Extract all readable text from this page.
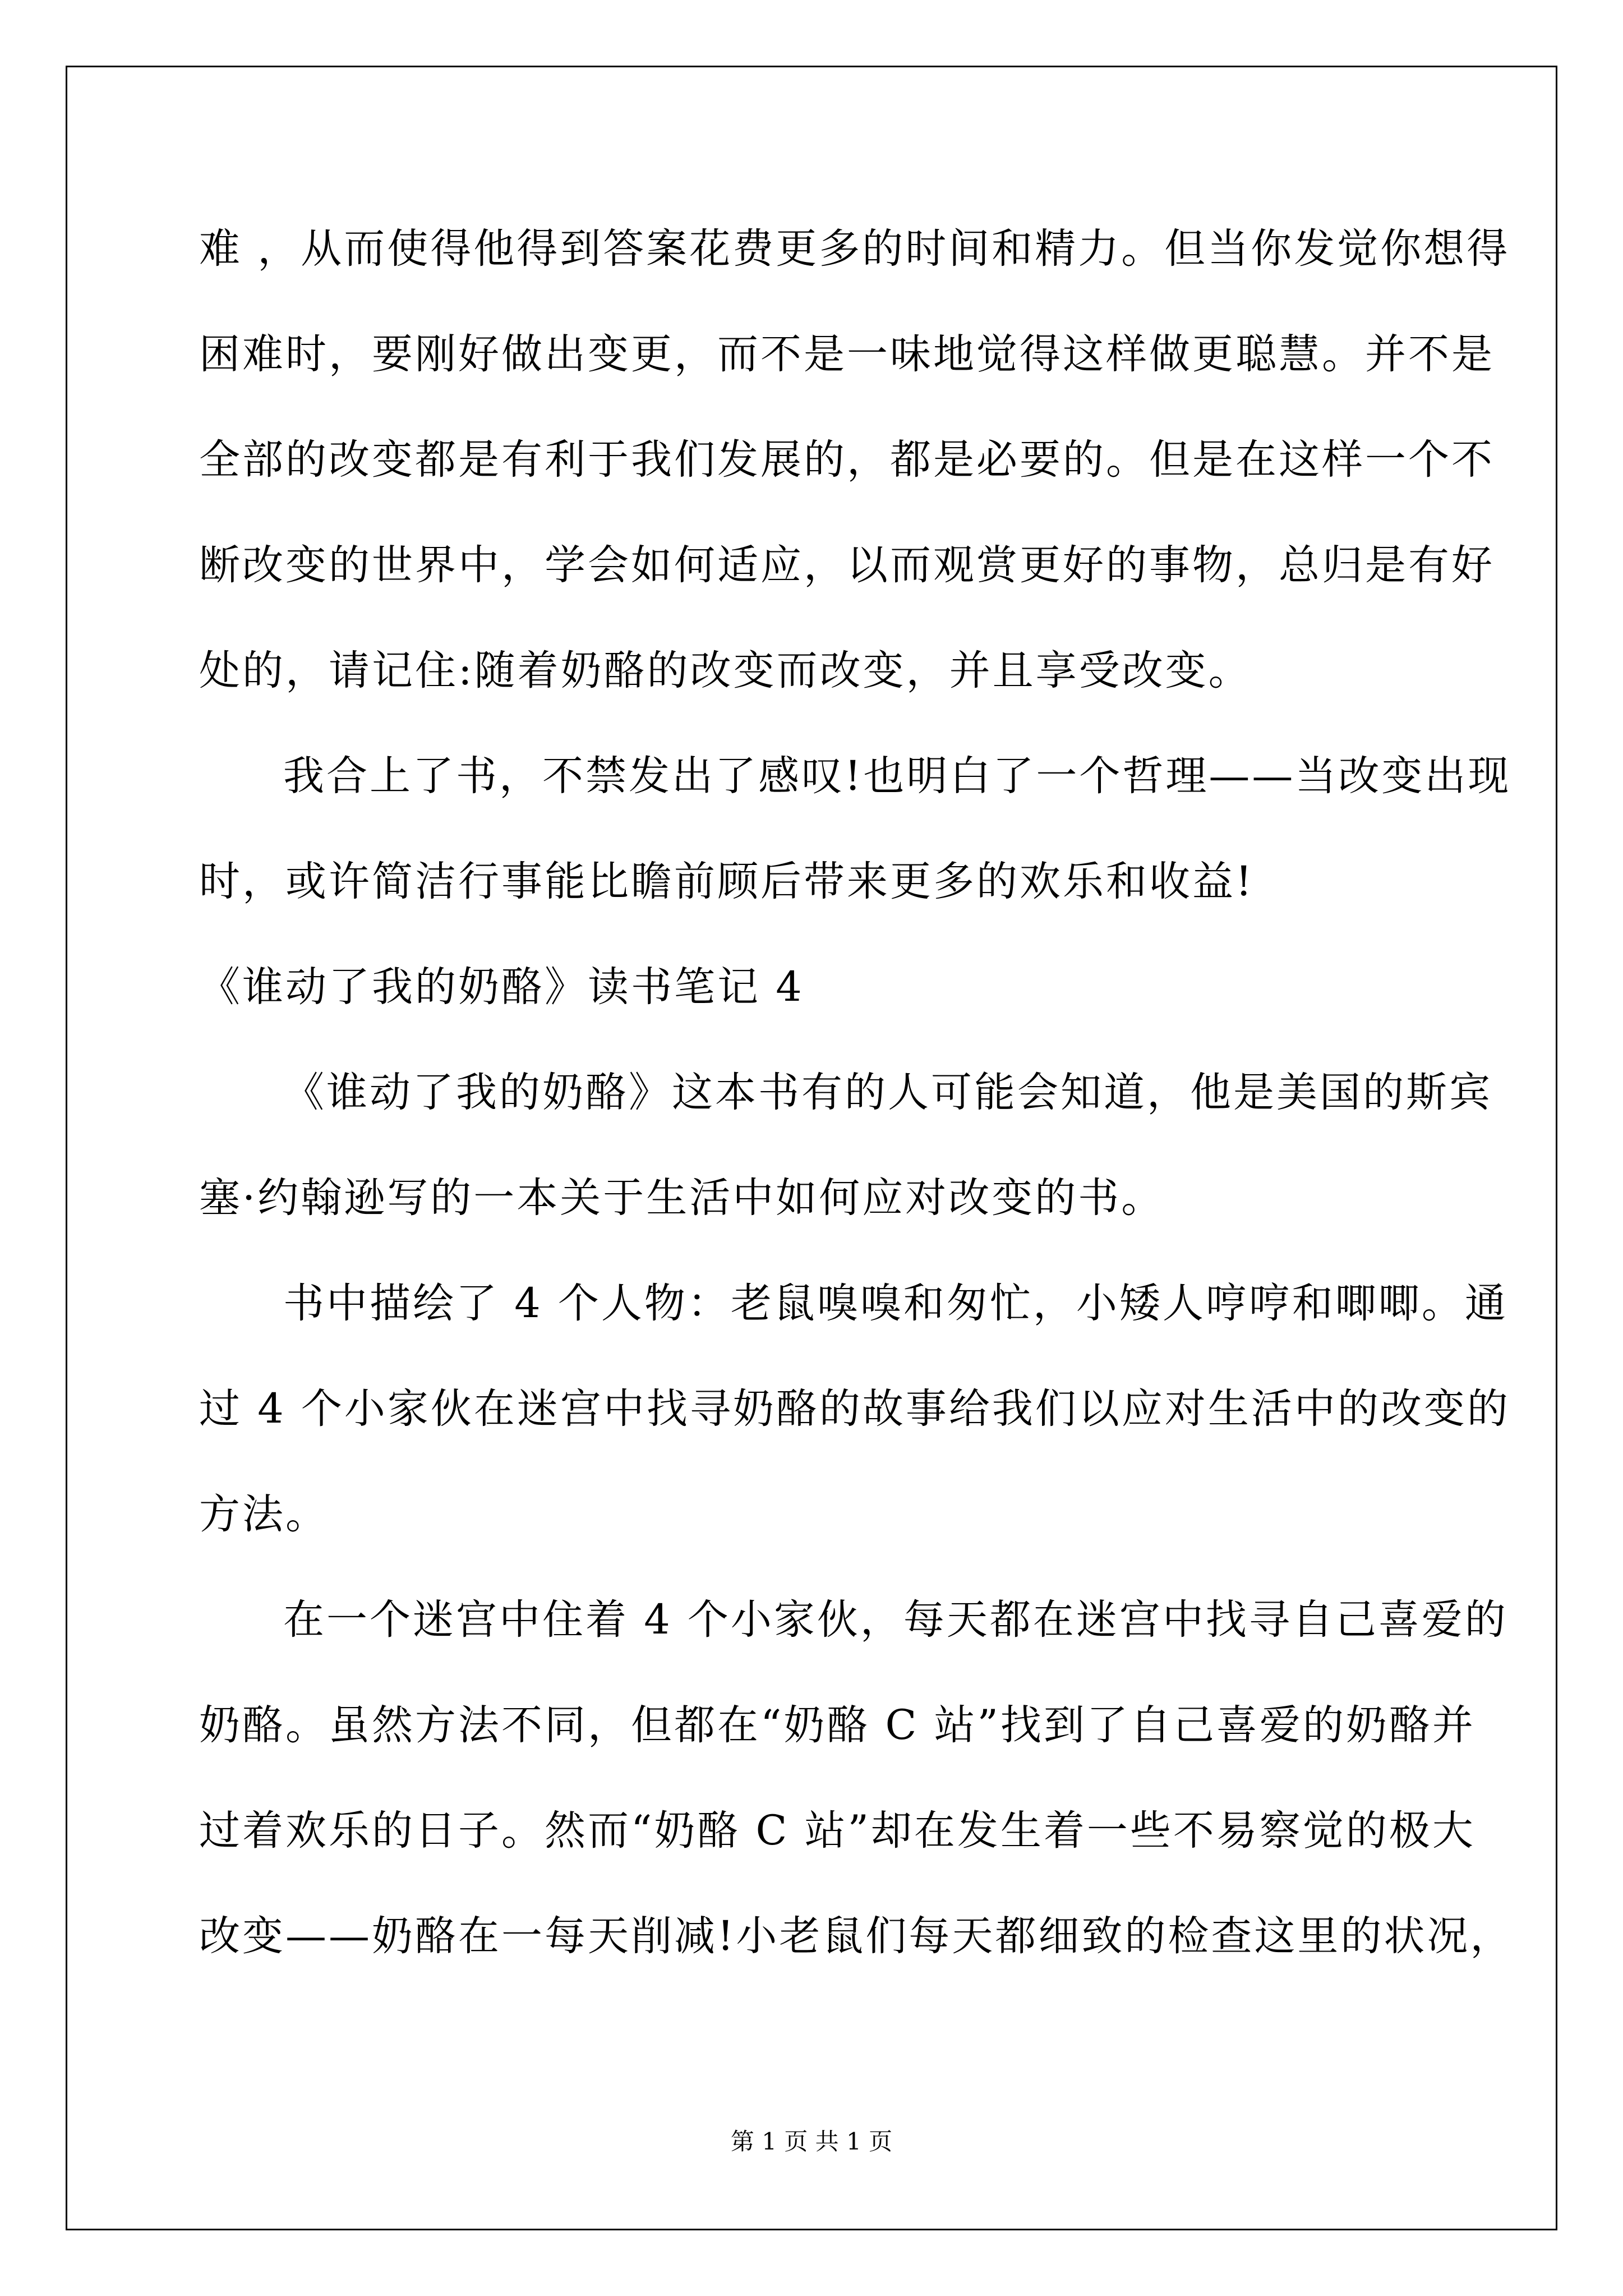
难 ，从而使得他得到答案花费更多的时间和精力。但当你发觉你想得
困难时，要刚好做出变更，而不是一味地觉得这样做更聪慧。并不是
全部的改变都是有利于我们发展的，都是必要的。但是在这样一个不
断改变的世界中，学会如何适应，以而观赏更好的事物，总归是有好
处的，请记住:随着奶酪的改变而改变，并且享受改变。
我合上了书，不禁发出了感叹!也明白了一个哲理——当改变出现
时，或许简洁行事能比瞻前顾后带来更多的欢乐和收益!
《谁动了我的奶酪》读书笔记 4
《谁动了我的奶酪》这本书有的人可能会知道，他是美国的斯宾
塞·约翰逊写的一本关于生活中如何应对改变的书。
书中描绘了 4 个人物：老鼠嗅嗅和匆忙，小矮人哼哼和唧唧。通
过 4 个小家伙在迷宫中找寻奶酪的故事给我们以应对生活中的改变的
方法。
在一个迷宫中住着 4 个小家伙，每天都在迷宫中找寻自己喜爱的
奶酪。虽然方法不同，但都在“奶酪 C 站”找到了自己喜爱的奶酪并
过着欢乐的日子。然而“奶酪 C 站”却在发生着一些不易察觉的极大
改变——奶酪在一每天削减!小老鼠们每天都细致的检查这里的状况，
第 1 页 共 1 页
